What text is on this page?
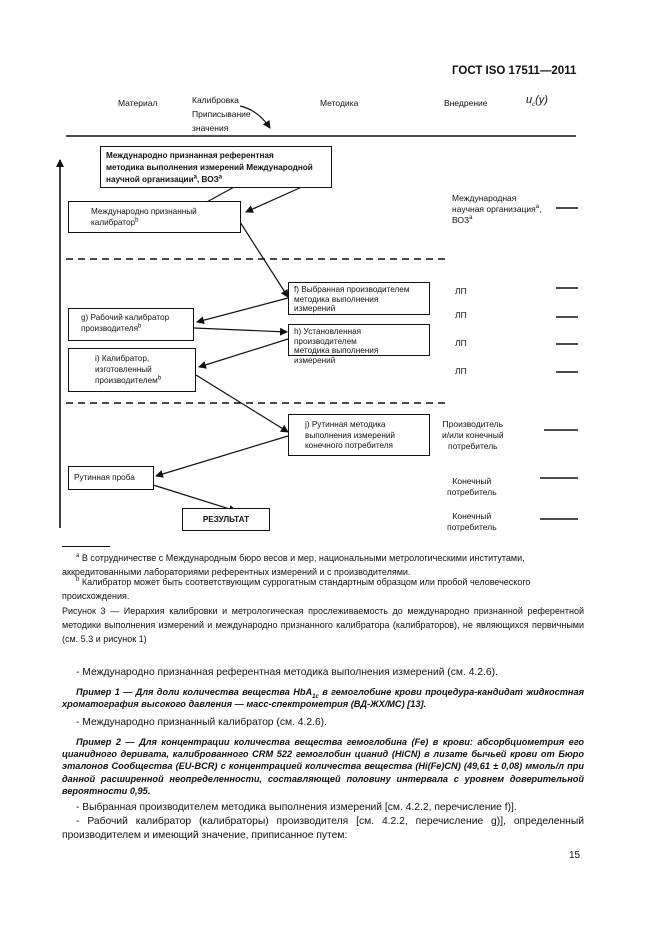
ГОСТ ISO 17511—2011
Материал	Калибровка
Приписывание
значения
Методика	Внедрение	$u_c(y)$
Международно признанная референтная
методика выполнения измерений Международной
научной организации$^a$, ВОЗ$^a$
Международно признанный
калибратор$^b$
f) Выбранная производителем
методика выполнения
измерений
g) Рабочий калибратор
производителя$^b$
h) Установленная производителем
методика выполнения
измерений
i) Калибратор,
изготовленный
производителем$^b$
j) Рутинная методика
выполнения измерений
конечного потребителя
Рутинная проба
РЕЗУЛЬТАТ
Международная
научная организация$^a$,
ВОЗ$^a$
ЛП
ЛП
ЛП
ЛП
Производитель
и/или конечный
потребитель
Конечный
потребитель
Конечный
потребитель
$^a$ В сотрудничестве с Международным бюро весов и мер, национальными метрологическими институтами, аккредитованными лабораториями референтных измерений и с производителями.
$^b$ Калибратор может быть соответствующим суррогатным стандартным образцом или пробой человеческого происхождения.
Рисунок 3 — Иерархия калибровки и метрологическая прослеживаемость до международно признанной референтной методики выполнения измерений и международно признанного калибратора (калибраторов), не являющихся первичными (см. 5.3 и рисунок 1)
- Международно признанная референтная методика выполнения измерений (см. 4.2.6).
Пример 1 — Для доли количества вещества HbA$_{1c}$ в гемоглобине крови процедура-кандидат жидкостная хроматография высокого давления — масс-спектрометрия (ВД-ЖХ/МС) [13].
- Международно признанный калибратор (см. 4.2.6).
Пример 2 — Для концентрации количества вещества гемоглобина (Fe) в крови: абсорбциометрия его цианидного деривата, калиброванного CRM 522 гемоглобин цианид (HiCN) в лизате бычьей крови от Бюро эталонов Сообщества (EU-BCR) с концентрацией количества вещества (Hi(Fe)CN) (49,61 ± 0,08) ммоль/л при данной расширенной неопределенности, составляющей половину интервала с уровнем доверительной вероятности 0,95.
- Выбранная производителем методика выполнения измерений [см. 4.2.2, перечисление f)].
- Рабочий калибратор (калибраторы) производителя [см. 4.2.2, перечисление g)], определенный производителем и имеющий значение, приписанное путем:
15
